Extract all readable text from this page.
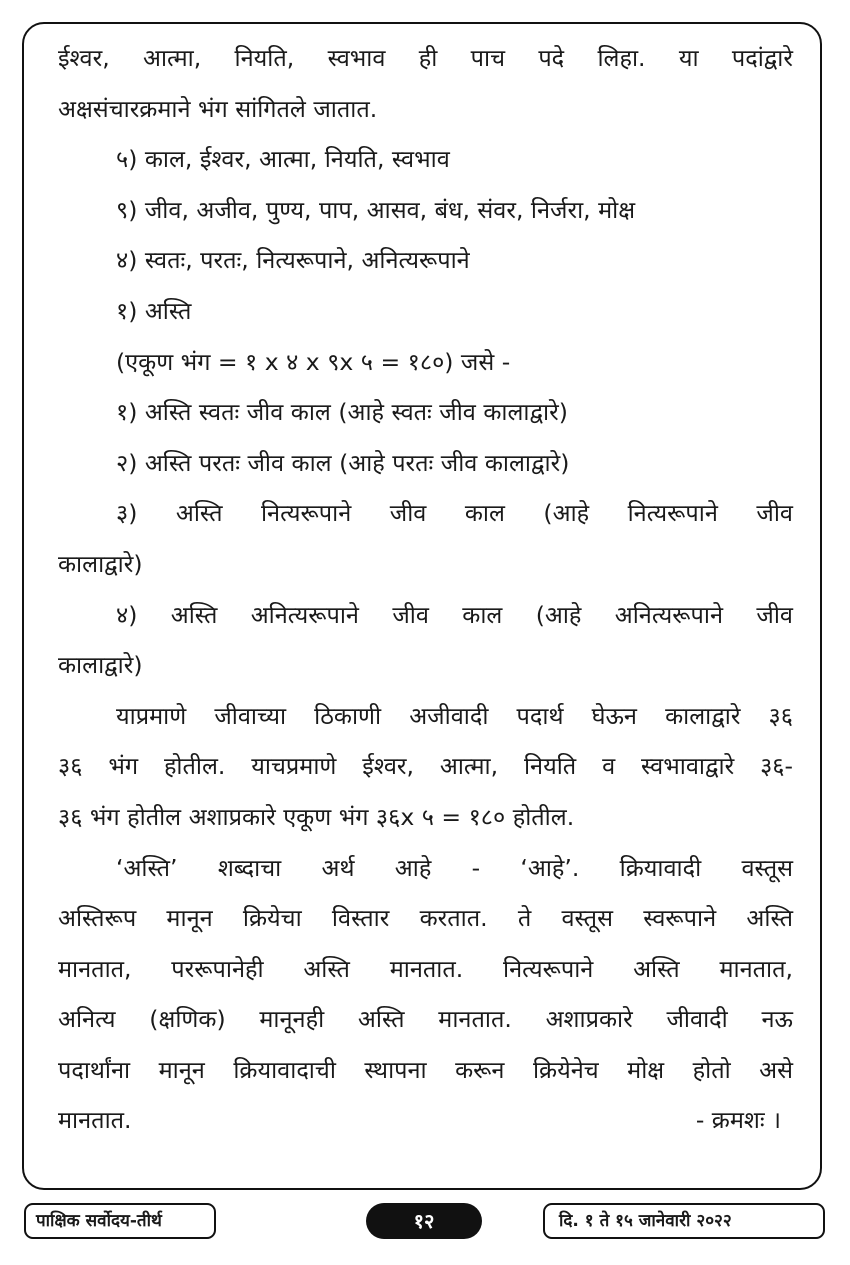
ईश्वर, आत्मा, नियति, स्वभाव ही पाच पदे लिहा. या पदांद्वारे
अक्षसंचारक्रमाने भंग सांगितले जातात.
५) काल, ईश्वर, आत्मा, नियति, स्वभाव
९) जीव, अजीव, पुण्य, पाप, आसव, बंध, संवर, निर्जरा, मोक्ष
४) स्वतः, परतः, नित्यरूपाने, अनित्यरूपाने
१) अस्ति
(एकूण भंग = १ x ४ x ९x ५ = १८०) जसे -
१) अस्ति स्वतः जीव काल (आहे स्वतः जीव कालाद्वारे)
२) अस्ति परतः जीव काल (आहे परतः जीव कालाद्वारे)
३) अस्ति नित्यरूपाने जीव काल (आहे नित्यरूपाने जीव
कालाद्वारे)
४) अस्ति अनित्यरूपाने जीव काल (आहे अनित्यरूपाने जीव
कालाद्वारे)
याप्रमाणे जीवाच्या ठिकाणी अजीवादी पदार्थ घेऊन कालाद्वारे ३६
३६ भंग होतील. याचप्रमाणे ईश्वर, आत्मा, नियति व स्वभावाद्वारे ३६-
३६ भंग होतील अशाप्रकारे एकूण भंग ३६x ५ = १८० होतील.
‘अस्ति’ शब्दाचा अर्थ आहे - ‘आहे’. क्रियावादी वस्तूस
अस्तिरूप मानून क्रियेचा विस्तार करतात. ते वस्तूस स्वरूपाने अस्ति
मानतात, पररूपानेही अस्ति मानतात. नित्यरूपाने अस्ति मानतात,
अनित्य (क्षणिक) मानूनही अस्ति मानतात. अशाप्रकारे जीवादी नऊ
पदार्थांना मानून क्रियावादाची स्थापना करून क्रियेनेच मोक्ष होतो असे
मानतात.	- क्रमशः ।
पाक्षिक सर्वोदय-तीर्थ	१२	दि. १ ते १५ जानेवारी २०२२
